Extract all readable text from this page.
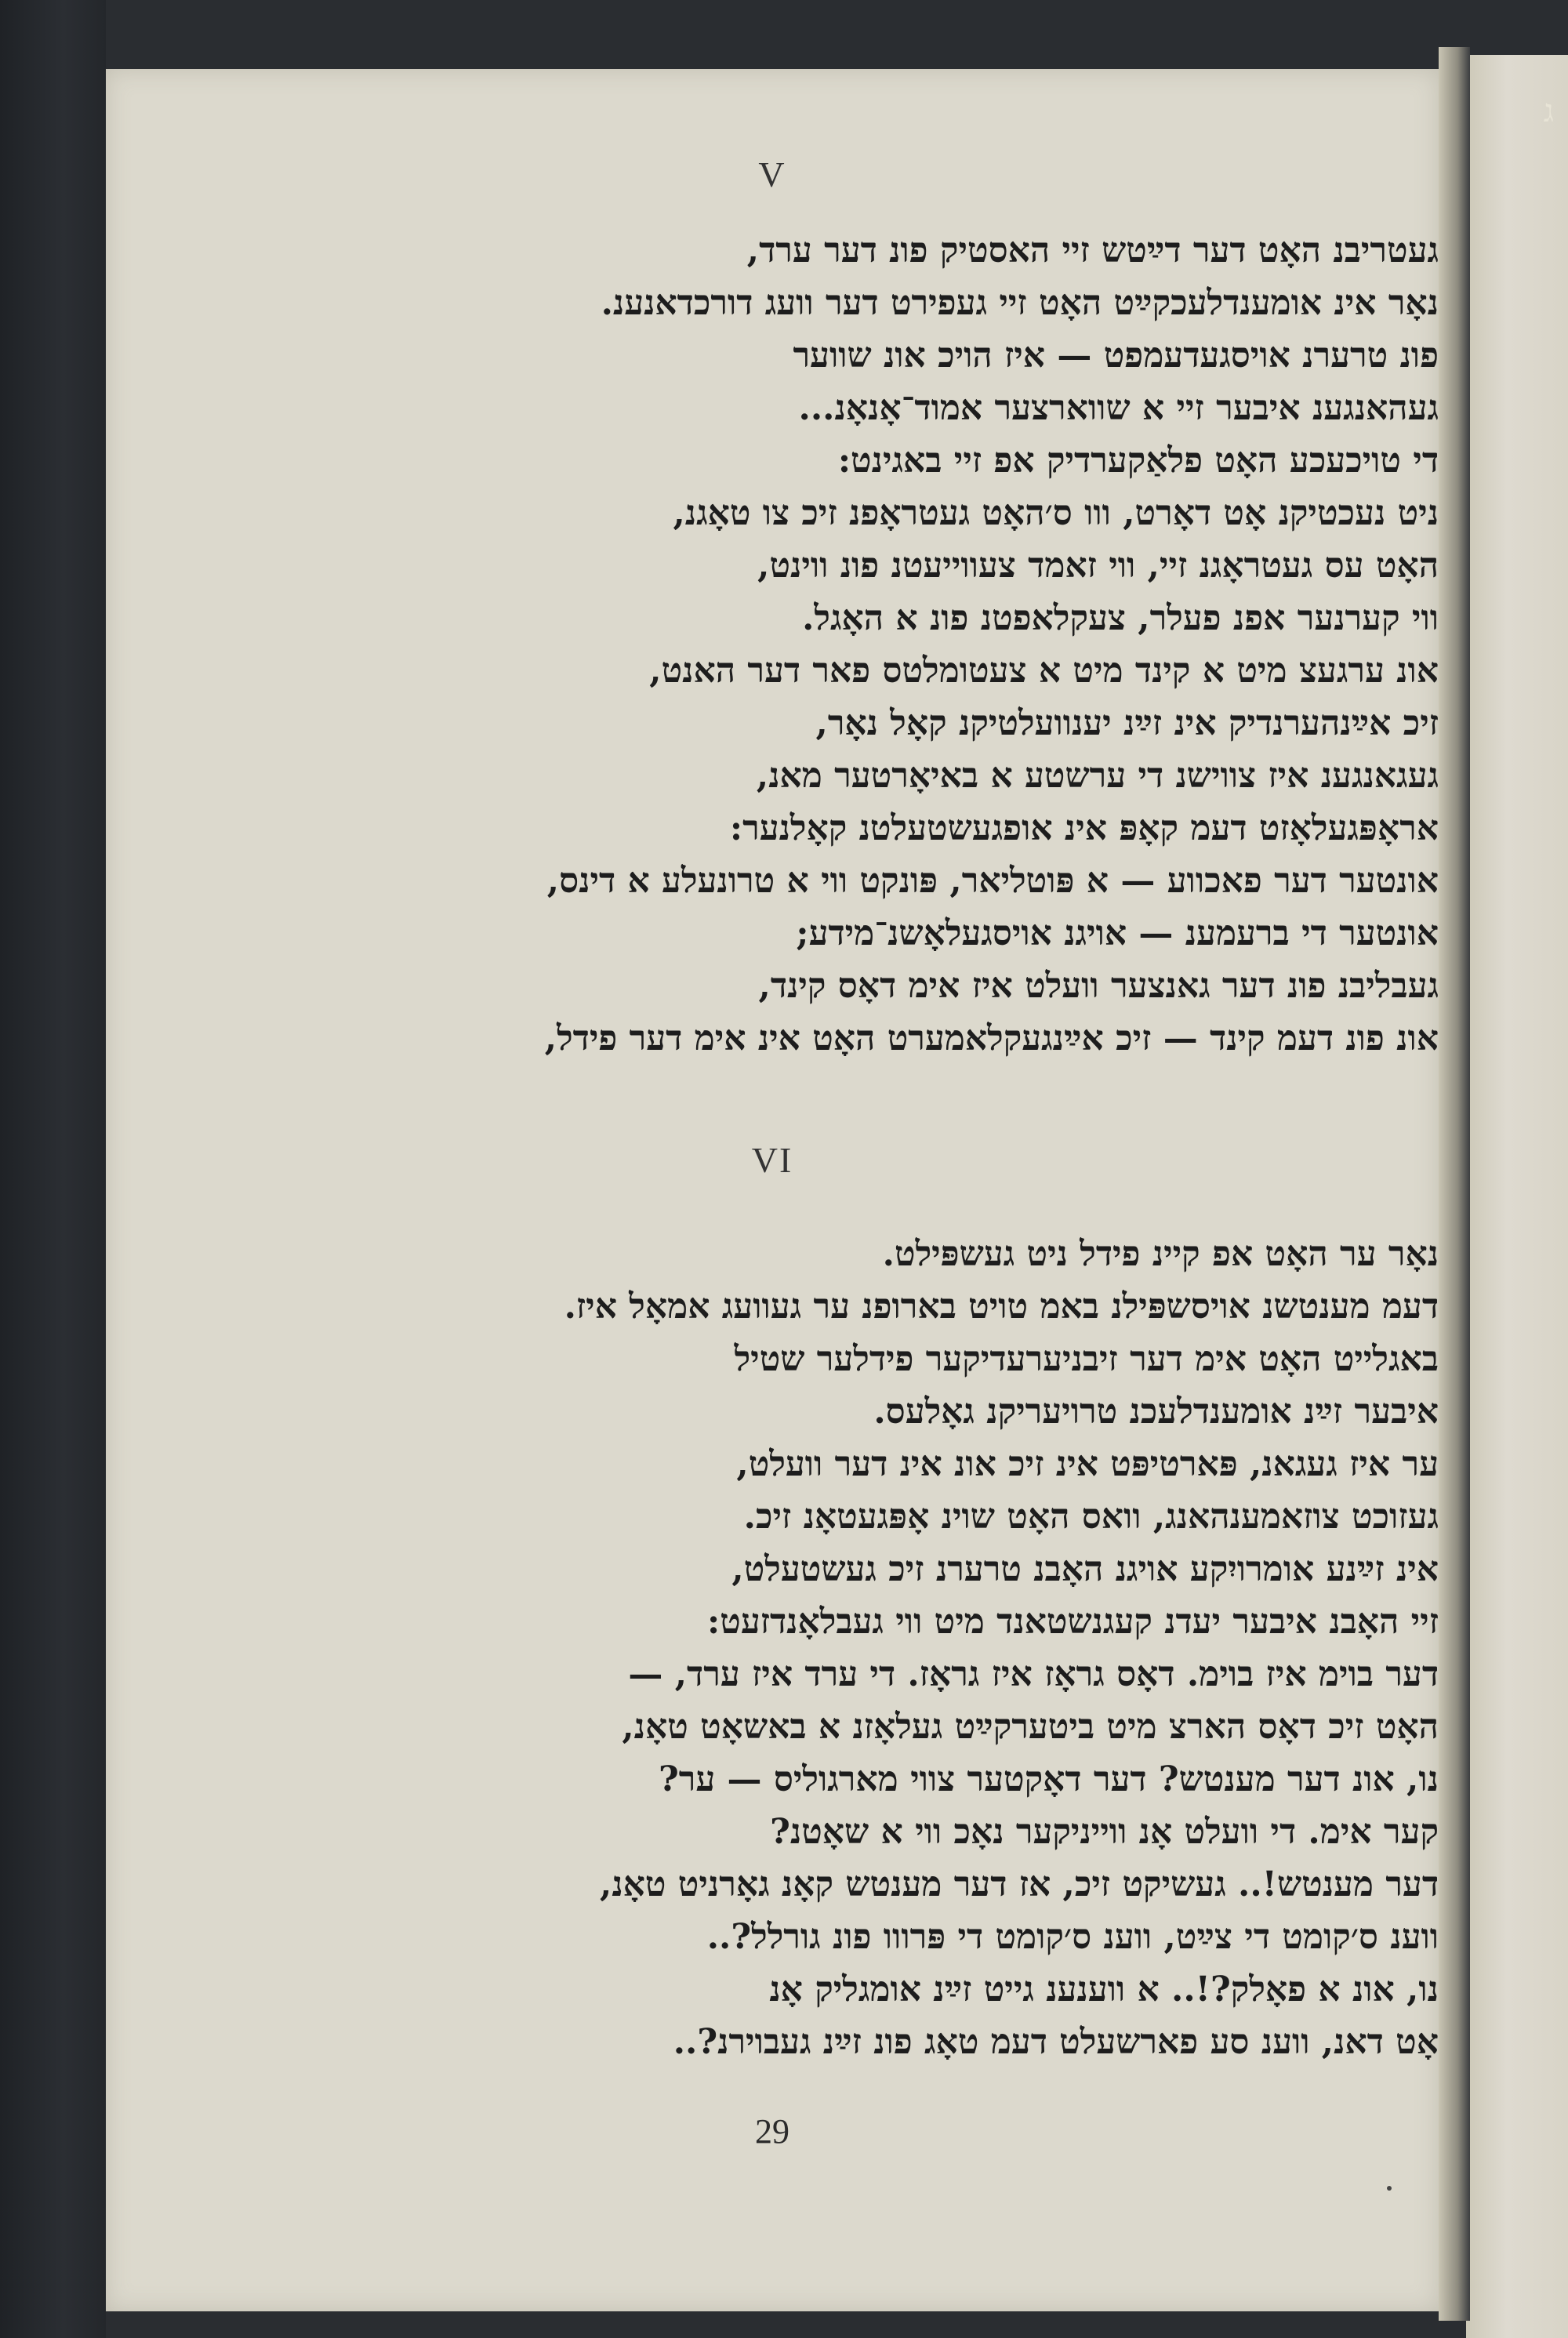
ג
V
געטריבנ האָט דער דײַטש זיי האסטיק פונ דער ערד,
נאָר אינ אומענדלעכקײַט האָט זיי געפירט דער וועג דורכדאנענ.
פונ טרערנ אויסגעדעמפט — איז הויכ אונ שווער
געהאנגענ איבער זיי א שווארצער אמוד־אָנאָנ...
די טויכעכע האָט פלאַקערדיק אפ זיי באגינט:
ניט נעכטיקנ אָט דאָרט, ווו ס׳האָט געטראָפנ זיכ צו טאָגנ,
האָט עס געטראָגנ זיי, ווי זאמד צעווייעטנ פונ ווינט,
ווי קערנער אפנ פעלר, צעקלאפטנ פונ א האָגל.
אונ ערגעצ מיט א קינד מיט א צעטומלטס פאר דער האנט,
זיכ אײַנהערנדיק אינ זײַנ יענוועלטיקנ קאָל נאָר,
געגאנגענ איז צווישנ די ערשטע א באיאָרטער מאנ,
אראָפּגעלאָזט דעמ קאָפּ אינ אופגעשטעלטנ קאָלנער:
אונטער דער פאכווע — א פּוטליאר, פּונקט ווי א טרונעלע א דינס,
אונטער די ברעמענ — אויגנ אויסגעלאָשנ־מידע;
געבליבנ פונ דער גאנצער וועלט איז אימ דאָס קינד,
אונ פונ דעמ קינד — זיכ אײַנגעקלאמערט האָט אינ אימ דער פידל,
VI
נאָר ער האָט אפ קיינ פידל ניט געשפּילט.
דעמ מענטשנ אויסשפּילנ באמ טויט בארופנ ער געוועג אמאָל איז.
באגלייט האָט אימ דער זיבניערעדיקער פידלער שטיל
איבער זײַנ אומענדלעכנ טרויעריקנ גאָלעס.
ער איז געגאנ, פּארטיפּט אינ זיכ אונ אינ דער וועלט,
געזוכט צוזאמענהאנג, וואס האָט שוינ אָפּגעטאָנ זיכ.
אינ זײַנע אומרויִקע אויגנ האָבנ טרערנ זיכ געשטעלט,
זיי האָבנ איבער יעדנ קעגנשטאנד מיט ווי געבלאָנדזעט:
דער בוימ איז בוימ. דאָס גראָז איז גראָז. די ערד איז ערד, —
האָט זיכ דאָס הארצ מיט ביטערקײַט געלאָזנ א באשאָט טאָנ,
נו, אונ דער מענטש? דער דאָקטער צווי מארגוליס — ער?
קער אימ. די וועלט אָנ ווייניקער נאָכ ווי א שאָטנ?
דער מענטש!.. געשיקט זיכ, אז דער מענטש קאָנ גאָרניט טאָנ,
ווענ ס׳קומט די צײַט, ווענ ס׳קומט די פּרווו פונ גורלל?..
נו, אונ א פאָלק?!.. א ווענענ גייט זײַנ אומגליק אָנ
אָט דאנ, ווענ סע פארשעלט דעמ טאָג פונ זײַנ געבוירנ?..
29
